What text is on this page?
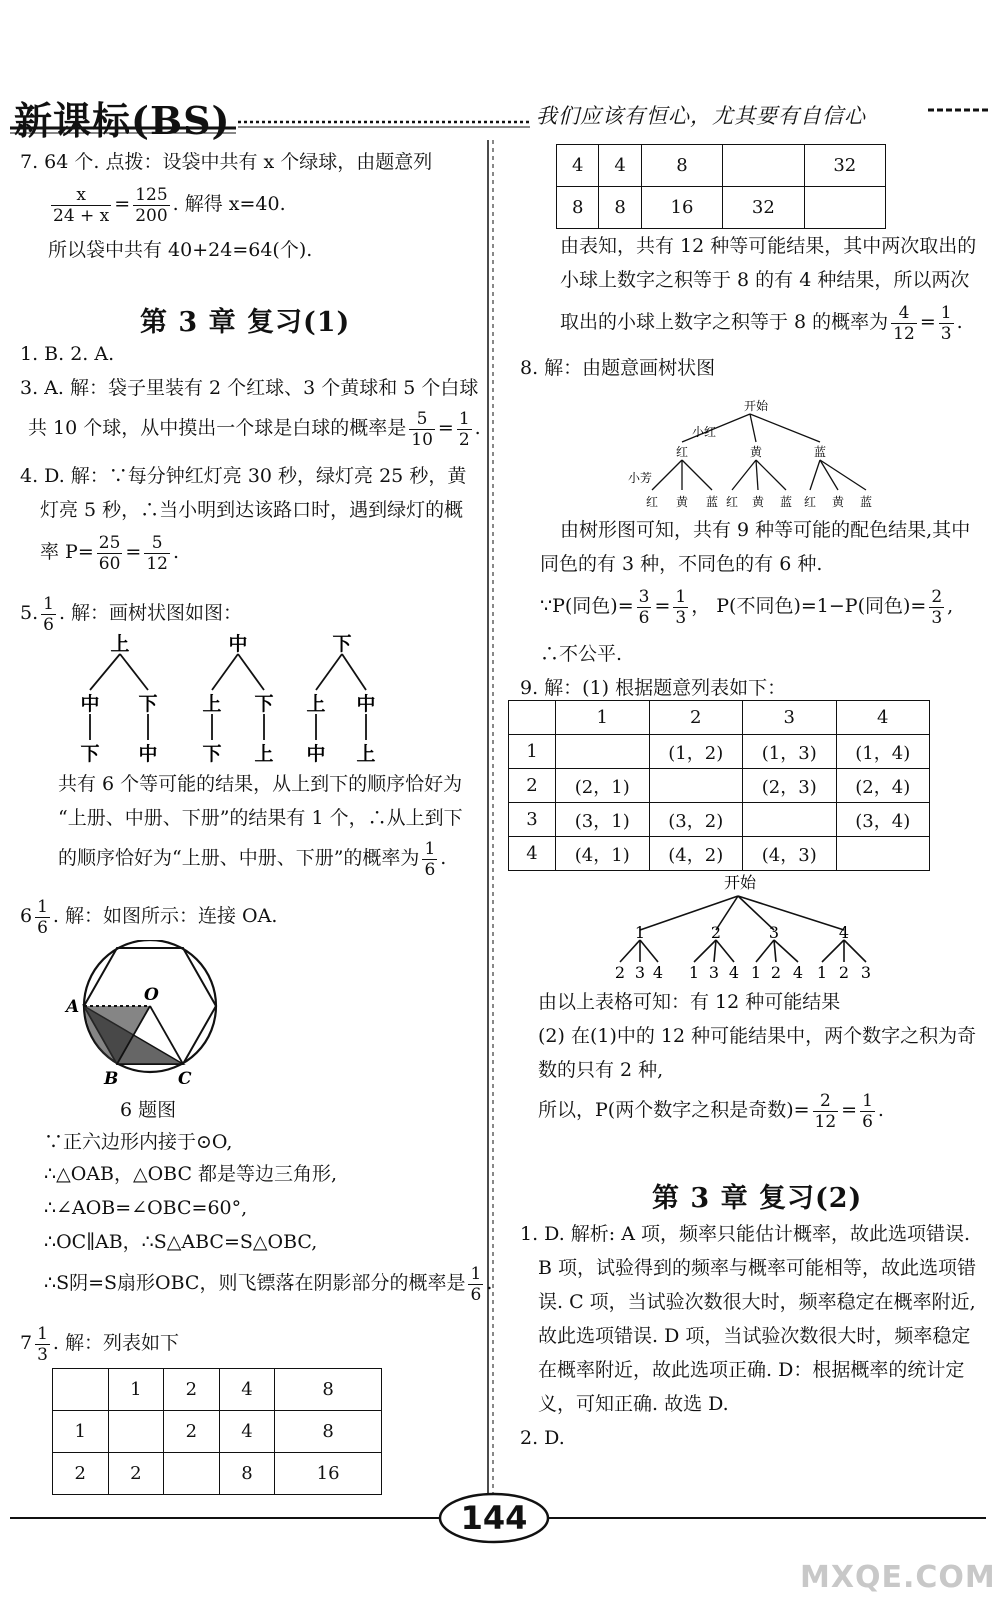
新课标(BS)	我们应该有恒心，尤其要有自信心
7. 64 个. 点拨：设袋中共有 x 个绿球，由题意列
$\frac{x}{24 + x} = \frac{125}{200}$ . 解得 x=40.
所以袋中共有 40+24=64(个).
第 3 章 复习(1)
1. B. 2. A.
3. A. 解：袋子里装有 2 个红球、3 个黄球和 5 个白球
共 10 个球，从中摸出一个球是白球的概率是 $\frac{5}{10} = \frac{1}{2}$ .
4. D. 解：∵每分钟红灯亮 30 秒，绿灯亮 25 秒，黄
灯亮 5 秒，∴当小明到达该路口时，遇到绿灯的概
率 $P= \frac{25}{60} = \frac{5}{12}$ .
5. $\frac{1}{6}$ . 解：画树状图如图：
上
中 下
下 中
中
上 下
下 上
下
上 中
中 上
共有 6 个等可能的结果，从上到下的顺序恰好为
“上册、中册、下册”的结果有 1 个，∴从上到下
的顺序恰好为“上册、中册、下册”的概率为 $\frac{1}{6}$ .
$6 \frac{1}{6}$ . 解：如图所示：连接 OA.
A
O
B	C
6 题图
∵正六边形内接于⊙O,
∴△OAB，△OBC 都是等边三角形,
∴∠AOB=∠OBC=60°,
∴OC∥AB，∴S△ABC=S△OBC,
∴S阴=S扇形OBC，则飞镖落在阴影部分的概率是 $\frac{1}{6}$ .
$7 \frac{1}{3}$ . 解：列表如下
	1	2	4	8
1		2	4	8
2	2		8	16
4	4	8		32
8	8	16	32	
由表知，共有 12 种等可能结果，其中两次取出的
小球上数字之积等于 8 的有 4 种结果，所以两次
取出的小球上数字之积等于 8 的概率为 $\frac{4}{12} = \frac{1}{3}$ .
8. 解：由题意画树状图
开始
小红
小芳
红	黄	蓝
红 黄 蓝 红 黄 蓝 红 黄 蓝
由树形图可知，共有 9 种等可能的配色结果,其中
同色的有 3 种，不同色的有 6 种.
∵P(同色)= $\frac{3}{6} = \frac{1}{3}$ ， P(不同色)=1−P(同色)= $\frac{2}{3}$ ,
∴不公平.
9. 解：(1) 根据题意列表如下：
	1	2	3	4
1		(1，2)	(1，3)	(1，4)
2	(2，1)		(2，3)	(2，4)
3	(3，1)	(3，2)		(3，4)
4	(4，1)	(4，2)	(4，3)	
开始
1	2	3	4
2 3 4 1 3 4 1 2 4 1 2 3
由以上表格可知：有 12 种可能结果
(2) 在(1)中的 12 种可能结果中，两个数字之积为奇
数的只有 2 种,
所以，P(两个数字之积是奇数)= $\frac{2}{12} = \frac{1}{6}$ .
第 3 章 复习(2)
1. D. 解析: A 项，频率只能估计概率，故此选项错误.
B 项，试验得到的频率与概率可能相等，故此选项错
误. C 项，当试验次数很大时，频率稳定在概率附近,
故此选项错误. D 项，当试验次数很大时，频率稳定
在概率附近，故此选项正确. D：根据概率的统计定
义，可知正确. 故选 D.
2. D.
144
MXQE.COM
